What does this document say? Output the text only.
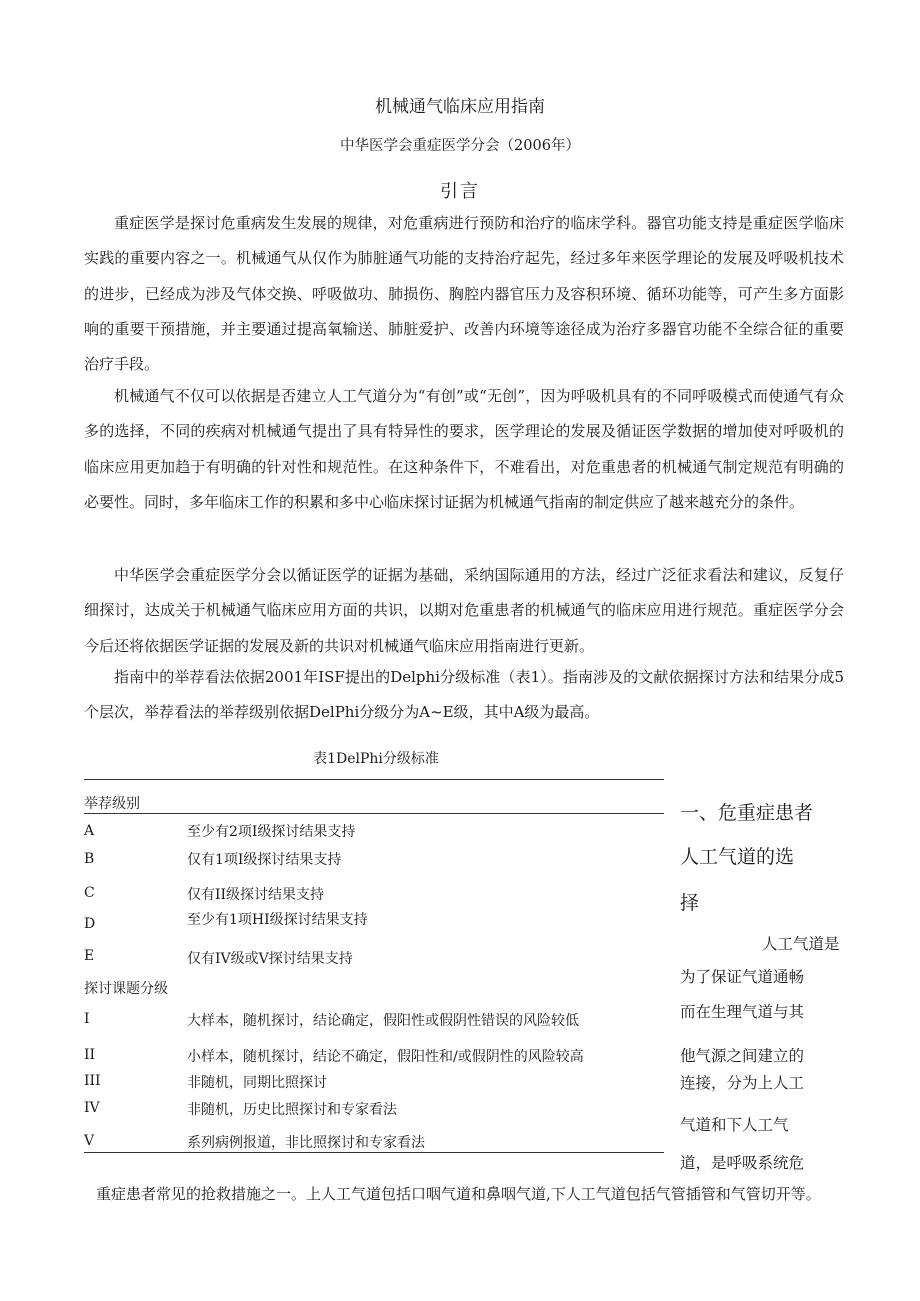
机械通气临床应用指南
中华医学会重症医学分会（2006年）
引言
重症医学是探讨危重病发生发展的规律，对危重病进行预防和治疗的临床学科。器官功能支持是重症医学临床实践的重要内容之一。机械通气从仅作为肺脏通气功能的支持治疗起先，经过多年来医学理论的发展及呼吸机技术的进步，已经成为涉及气体交换、呼吸做功、肺损伤、胸腔内器官压力及容积环境、循环功能等，可产生多方面影响的重要干预措施，并主要通过提高氧输送、肺脏爱护、改善内环境等途径成为治疗多器官功能不全综合征的重要治疗手段。
机械通气不仅可以依据是否建立人工气道分为“有创”或“无创”，因为呼吸机具有的不同呼吸模式而使通气有众多的选择，不同的疾病对机械通气提出了具有特异性的要求，医学理论的发展及循证医学数据的增加使对呼吸机的临床应用更加趋于有明确的针对性和规范性。在这种条件下，不难看出，对危重患者的机械通气制定规范有明确的必要性。同时，多年临床工作的积累和多中心临床探讨证据为机械通气指南的制定供应了越来越充分的条件。
中华医学会重症医学分会以循证医学的证据为基础，采纳国际通用的方法，经过广泛征求看法和建议，反复仔细探讨，达成关于机械通气临床应用方面的共识，以期对危重患者的机械通气的临床应用进行规范。重症医学分会今后还将依据医学证据的发展及新的共识对机械通气临床应用指南进行更新。
指南中的举荐看法依据2001年ISF提出的Delphi分级标准（表1）。指南涉及的文献依据探讨方法和结果分成5个层次，举荐看法的举荐级别依据DelPhi分级分为A~E级，其中A级为最高。
表1DelPhi分级标准
举荐级别
A	至少有2项I级探讨结果支持
B	仅有1项I级探讨结果支持
C	仅有II级探讨结果支持
D	至少有1项HI级探讨结果支持
E	仅有IV级或V探讨结果支持
探讨课题分级
I	大样本，随机探讨，结论确定，假阳性或假阴性错误的风险较低
II	小样本，随机探讨，结论不确定，假阳性和/或假阴性的风险较高
III	非随机，同期比照探讨
IV	非随机，历史比照探讨和专家看法
V	系列病例报道，非比照探讨和专家看法
一、危重症患者
人工气道的选
择
人工气道是
为了保证气道通畅
而在生理气道与其
他气源之间建立的
连接，分为上人工
气道和下人工气
道，是呼吸系统危
重症患者常见的抢救措施之一。上人工气道包括口咽气道和鼻咽气道,下人工气道包括气管插管和气管切开等。
